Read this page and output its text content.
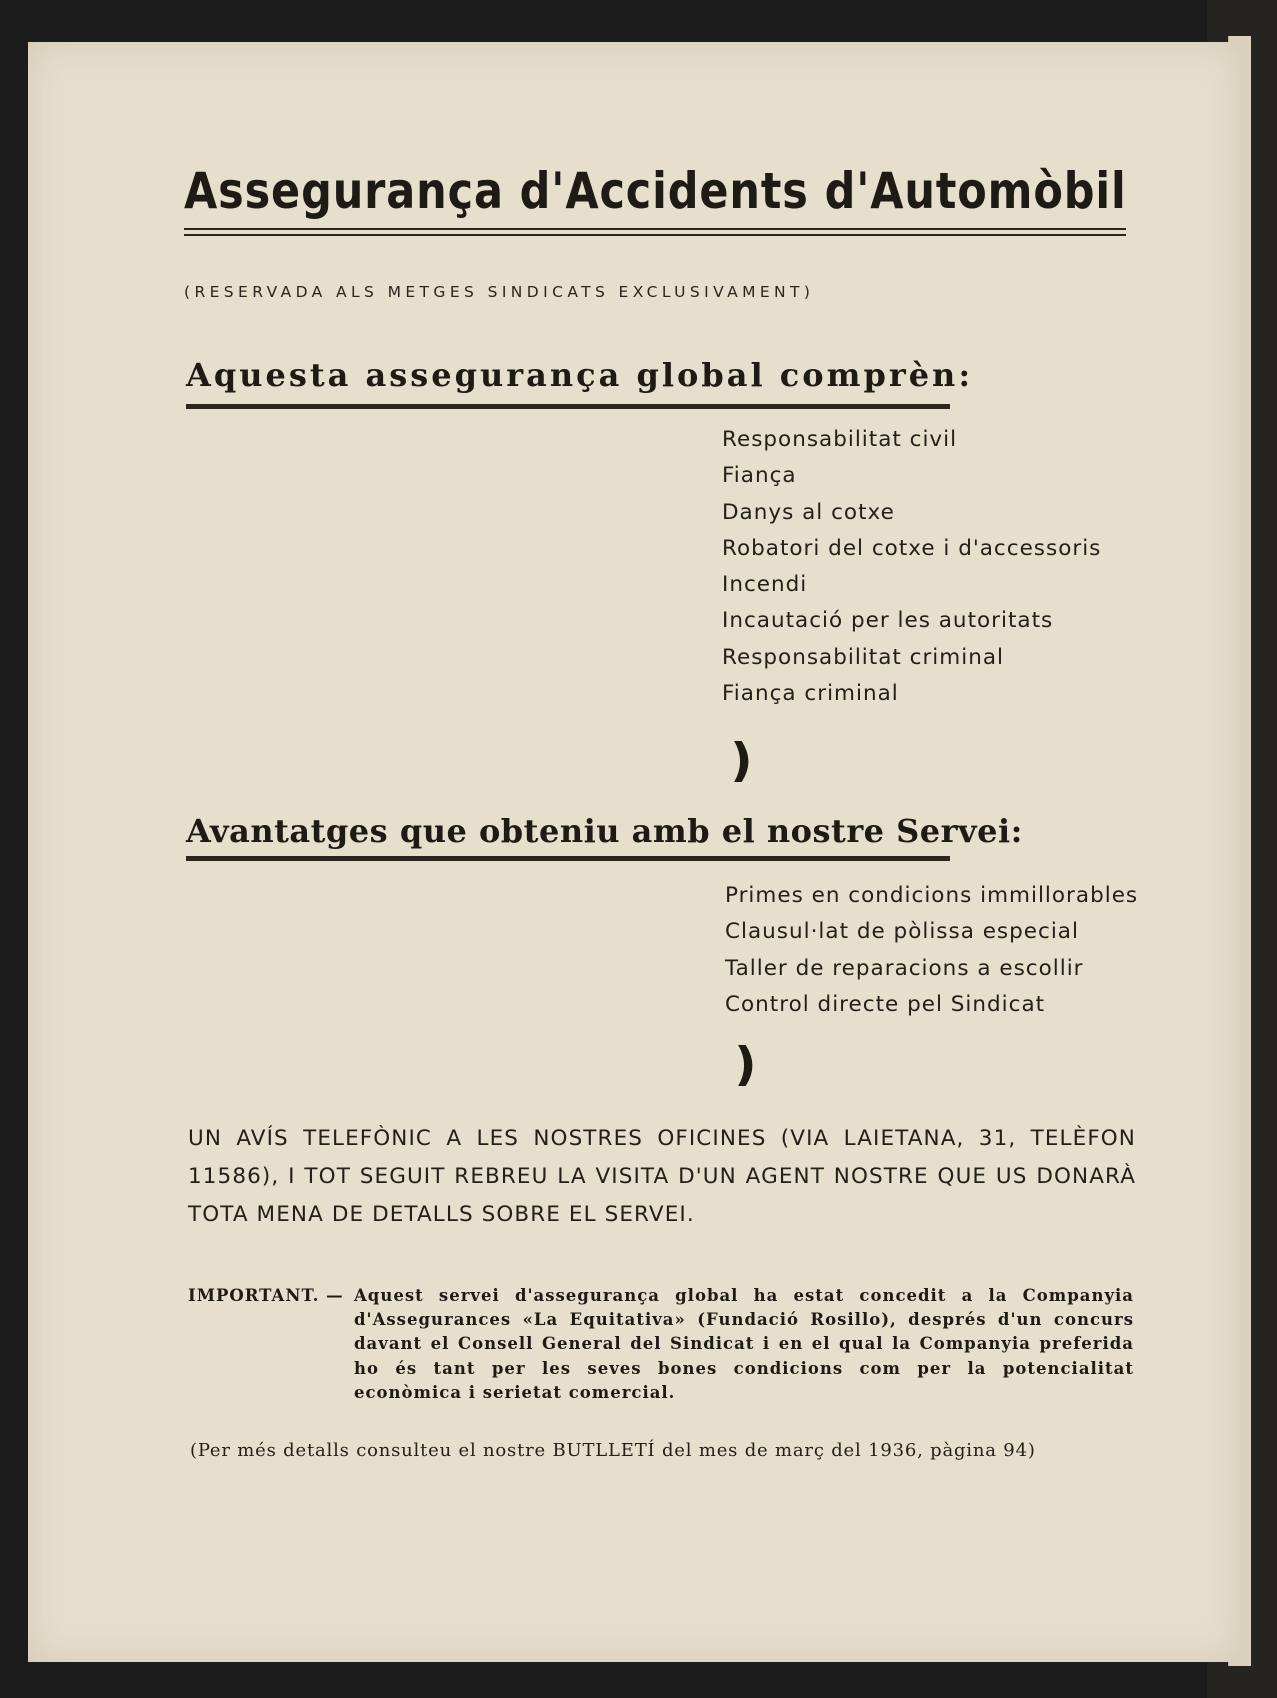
Assegurança d'Accidents d'Automòbil
(RESERVADA ALS METGES SINDICATS EXCLUSIVAMENT)
Aquesta assegurança global comprèn:
Responsabilitat civil
Fiança
Danys al cotxe
Robatori del cotxe i d'accessoris
Incendi
Incautació per les autoritats
Responsabilitat criminal
Fiança criminal
❫
Avantatges que obteniu amb el nostre Servei:
Primes en condicions immillorables
Clausul·lat de pòlissa especial
Taller de reparacions a escollir
Control directe pel Sindicat
❫
UN AVÍS TELEFÒNIC A LES NOSTRES OFICINES (VIA LAIETANA, 31, TELÈFON 11586), I TOT SEGUIT REBREU LA VISITA D'UN AGENT NOSTRE QUE US DONARÀ TOTA MENA DE DETALLS SOBRE EL SERVEI.
IMPORTANT. — Aquest servei d'assegurança global ha estat concedit a la Companyia d'Assegurances «La Equitativa» (Fundació Rosillo), després d'un concurs davant el Consell General del Sindicat i en el qual la Companyia preferida ho és tant per les seves bones condicions com per la potencialitat econòmica i serietat comercial.
(Per més detalls consulteu el nostre BUTLLETÍ del mes de març del 1936, pàgina 94)
